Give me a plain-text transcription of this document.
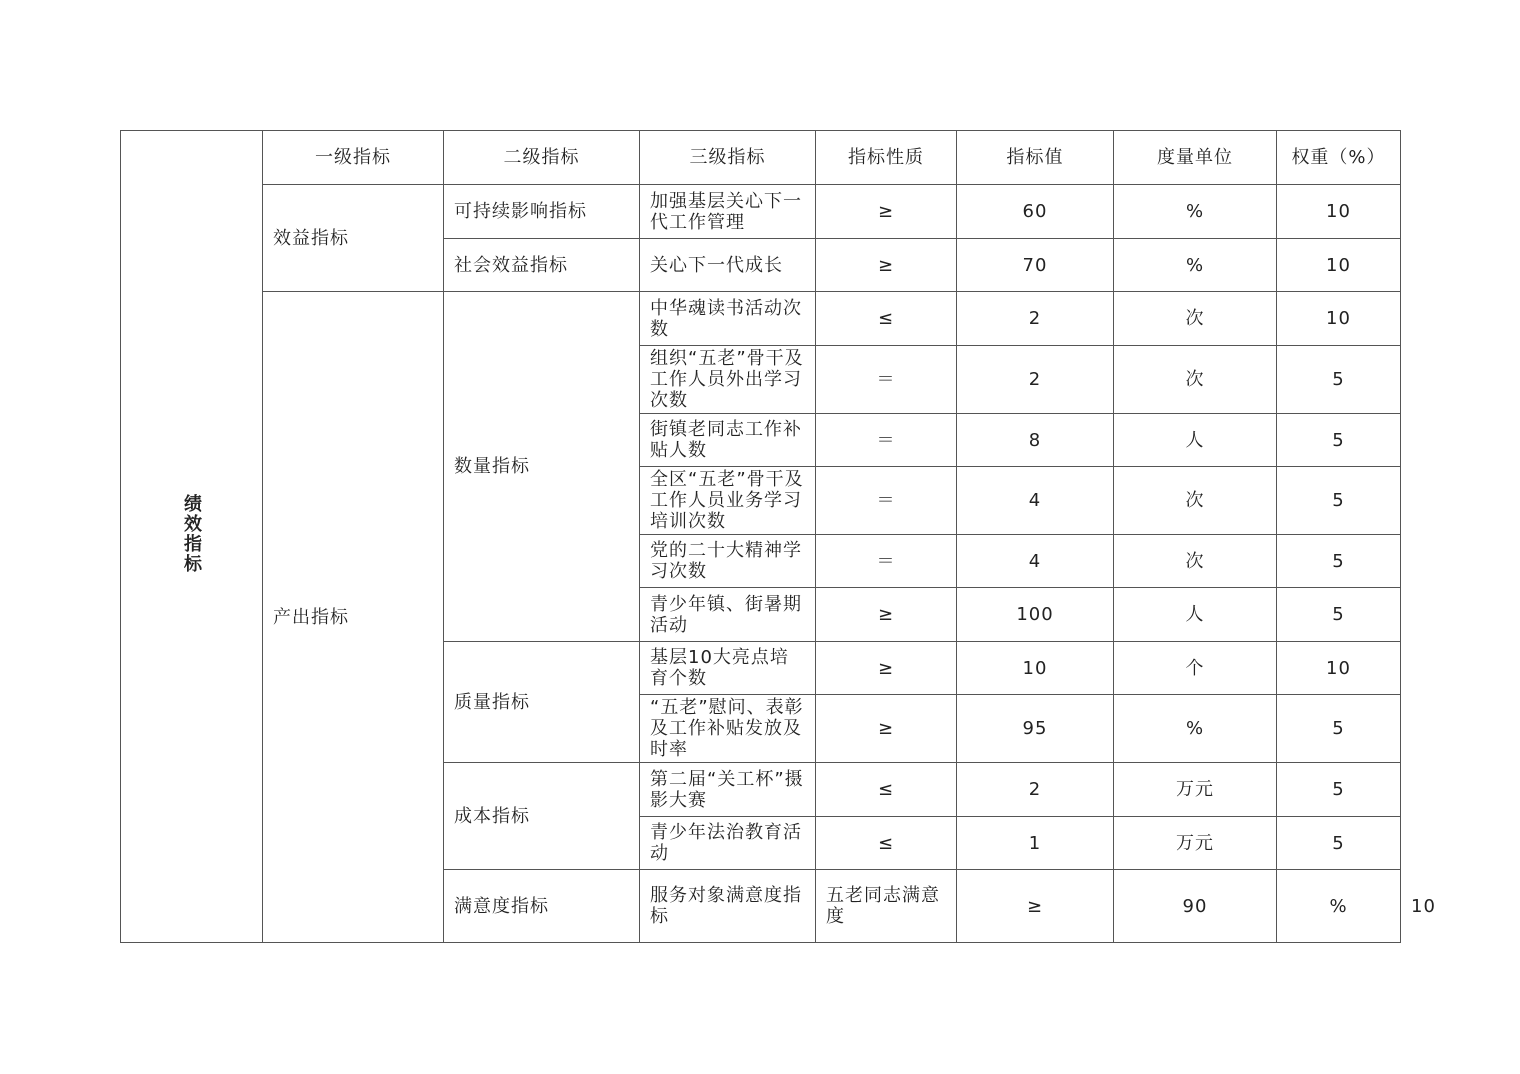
绩效指标	一级指标	二级指标	三级指标	指标性质	指标值	度量单位	权重（%）	
	效益指标	可持续影响指标	加强基层关心下一代工作管理	≥	60	%	10	
		社会效益指标	关心下一代成长	≥	70	%	10	
	产出指标	数量指标	中华魂读书活动次数	≤	2	次	10	
			组织“五老”骨干及工作人员外出学习次数	＝	2	次	5	
			街镇老同志工作补贴人数	＝	8	人	5	
			全区“五老”骨干及工作人员业务学习培训次数	＝	4	次	5	
			党的二十大精神学习次数	＝	4	次	5	
			青少年镇、街暑期活动	≥	100	人	5	
		质量指标	基层10大亮点培育个数	≥	10	个	10	
			“五老”慰问、表彰 及工作补贴发放及时率	≥	95	%	5	
		成本指标	第二届“关工杯”摄影大赛	≤	2	万元	5	
			青少年法治教育活动	≤	1	万元	5	
		满意度指标	服务对象满意度指标	五老同志满意度	≥	90	%	10
